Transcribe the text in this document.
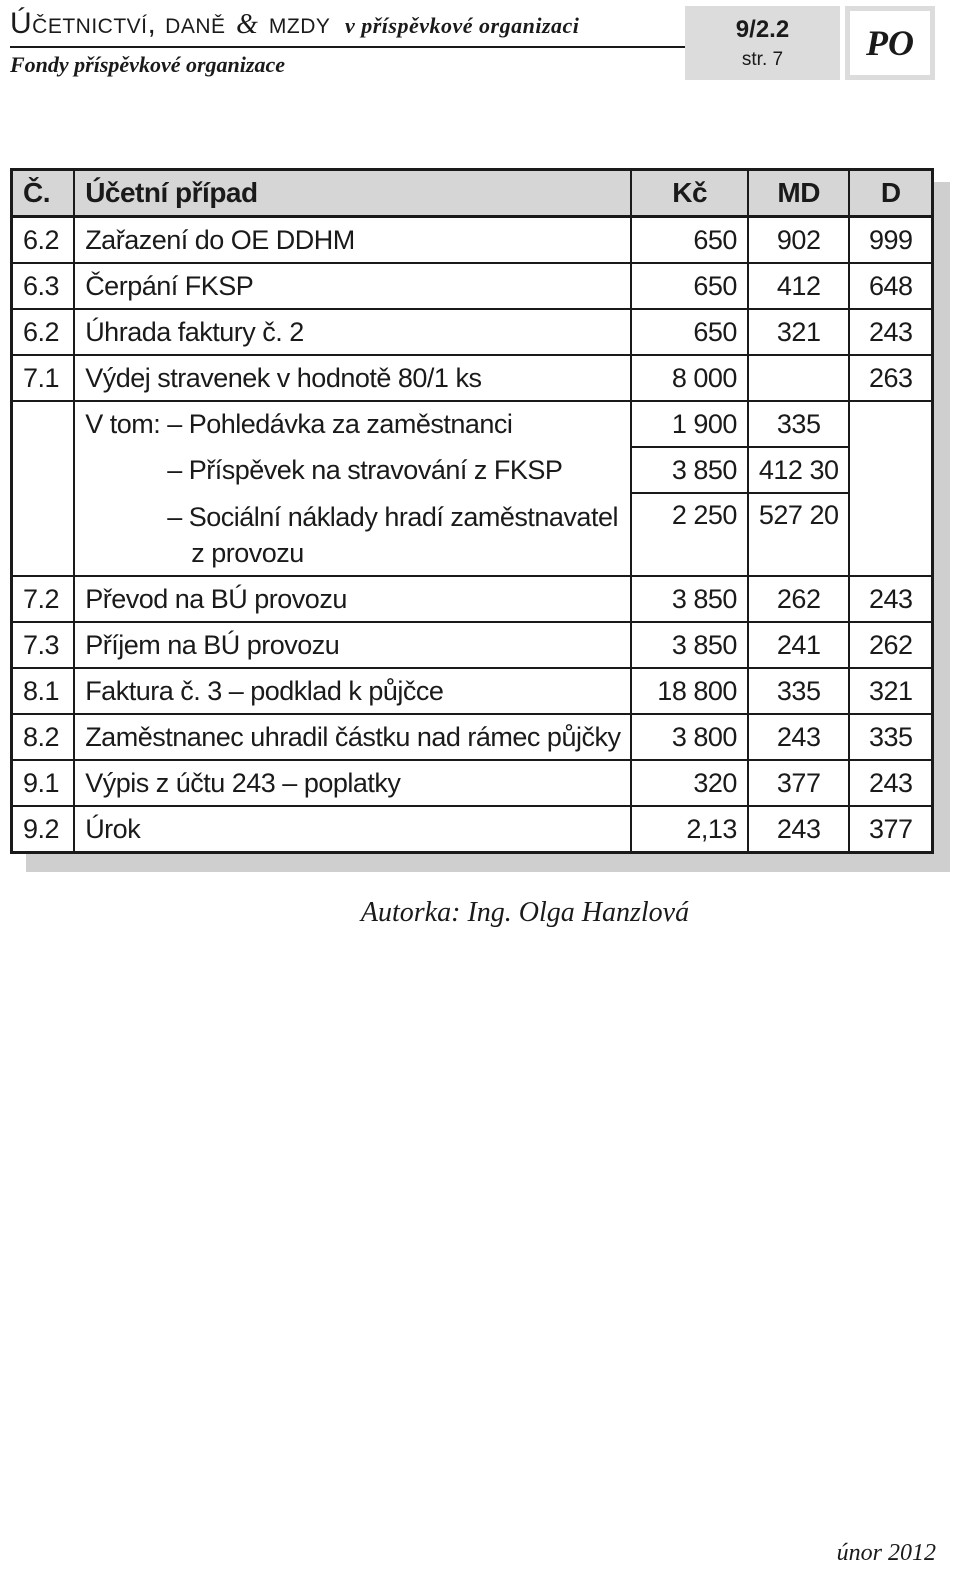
Účetnictví, daně & mzdy v příspěvkové organizaci
Fondy příspěvkové organizace
9/2.2
str. 7	PO
Č.	Účetní případ	Kč	MD	D
6.2	Zařazení do OE DDHM	650	902	999
6.3	Čerpání FKSP	650	412	648
6.2	Úhrada faktury č. 2	650	321	243
7.1	Výdej stravenek v hodnotě 80/1 ks	8 000		263
	V tom: – Pohledávka za zaměstnanci	1 900	335	
	– Příspěvek na stravování z FKSP	3 850	412 30	
	– Sociální náklady hradí zaměstnavatel
z provozu	2 250	527 20	
7.2	Převod na BÚ provozu	3 850	262	243
7.3	Příjem na BÚ provozu	3 850	241	262
8.1	Faktura č. 3 – podklad k půjčce	18 800	335	321
8.2	Zaměstnanec uhradil částku nad rámec půjčky	3 800	243	335
9.1	Výpis z účtu 243 – poplatky	320	377	243
9.2	Úrok	2,13	243	377
Autorka: Ing. Olga Hanzlová
únor 2012
